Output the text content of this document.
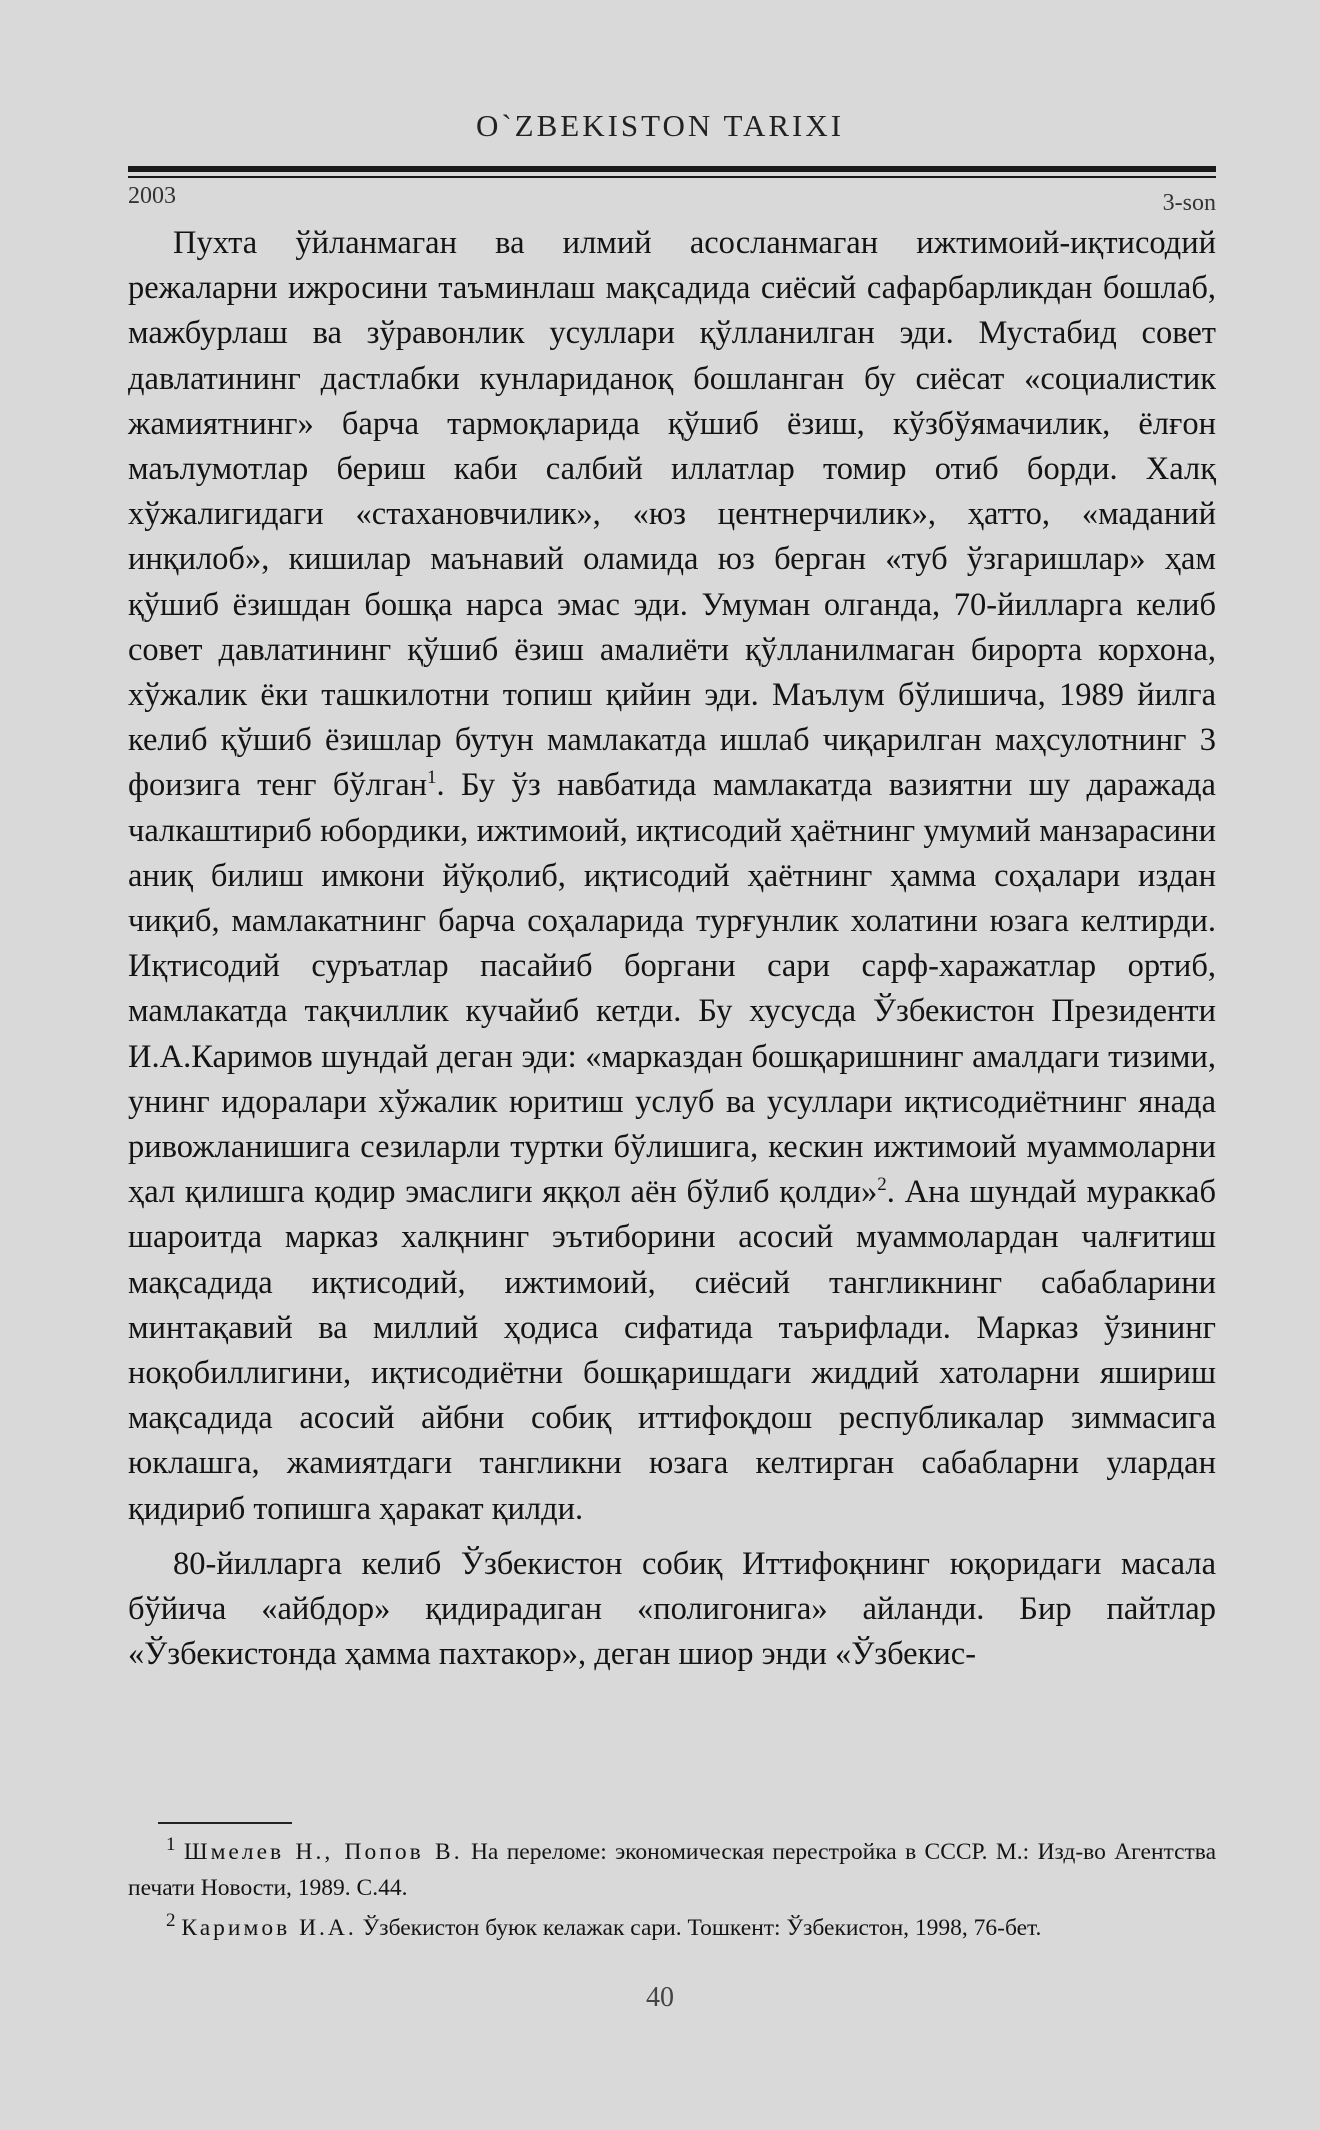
O`ZBEKISTON TARIXI
2003	3-son

Пухта ўйланмаган ва илмий асосланмаган ижтимоий-иқтисодий режаларни ижросини таъминлаш мақсадида сиёсий сафарбарликдан бошлаб, мажбурлаш ва зўравонлик усуллари қўлланилган эди. Мустабид совет давлатининг дастлабки кунлариданоқ бошланган бу сиёсат «социалистик жамиятнинг» барча тармоқларида қўшиб ёзиш, кўзбўямачилик, ёлғон маълумотлар бериш каби салбий иллатлар томир отиб борди. Халқ хўжалигидаги «стахановчилик», «юз центнерчилик», ҳатто, «маданий инқилоб», кишилар маънавий оламида юз берган «туб ўзгаришлар» ҳам қўшиб ёзишдан бошқа нарса эмас эди. Умуман олганда, 70-йилларга келиб совет давлатининг қўшиб ёзиш амалиёти қўлланилмаган бирорта корхона, хўжалик ёки ташкилотни топиш қийин эди. Маълум бўлишича, 1989 йилга келиб қўшиб ёзишлар бутун мамлакатда ишлаб чиқарилган маҳсулотнинг 3 фоизига тенг бўлган$^1$. Бу ўз навбатида мамлакатда вазиятни шу даражада чалкаштириб юбордики, ижтимоий, иқтисодий ҳаётнинг умумий манзарасини аниқ билиш имкони йўқолиб, иқтисодий ҳаётнинг ҳамма соҳалари издан чиқиб, мамлакатнинг барча соҳаларида турғунлик холатини юзага келтирди. Иқтисодий суръатлар пасайиб боргани сари сарф-харажатлар ортиб, мамлакатда тақчиллик кучайиб кетди. Бу хусусда Ўзбекистон Президенти И.А.Каримов шундай деган эди: «марказдан бошқаришнинг амалдаги тизими, унинг идоралари хўжалик юритиш услуб ва усуллари иқтисодиётнинг янада ривожланишига сезиларли туртки бўлишига, кескин ижтимоий муаммоларни ҳал қилишга қодир эмаслиги яққол аён бўлиб қолди»$^2$. Ана шундай мураккаб шароитда марказ халқнинг эътиборини асосий муаммолардан чалғитиш мақсадида иқтисодий, ижтимоий, сиёсий тангликнинг сабабларини минтақавий ва миллий ҳодиса сифатида таърифлади. Марказ ўзининг ноқобиллигини, иқтисодиётни бошқаришдаги жиддий хатоларни яшириш мақсадида асосий айбни собиқ иттифоқдош республикалар зиммасига юклашга, жамиятдаги тангликни юзага келтирган сабабларни улардан қидириб топишга ҳаракат қилди.

80-йилларга келиб Ўзбекистон собиқ Иттифоқнинг юқоридаги масала бўйича «айбдор» қидирадиган «полигонига» айланди. Бир пайтлар «Ўзбекистонда ҳамма пахтакор», деган шиор энди «Ўзбекис-

$^1$ Шмелев Н., Попов В. На переломе: экономическая перестройка в СССР. М.: Изд-во Агентства печати Новости, 1989. С.44.
$^2$ Каримов И.А. Ўзбекистон буюк келажак сари. Тошкент: Ўзбекистон, 1998, 76-бет.
40
